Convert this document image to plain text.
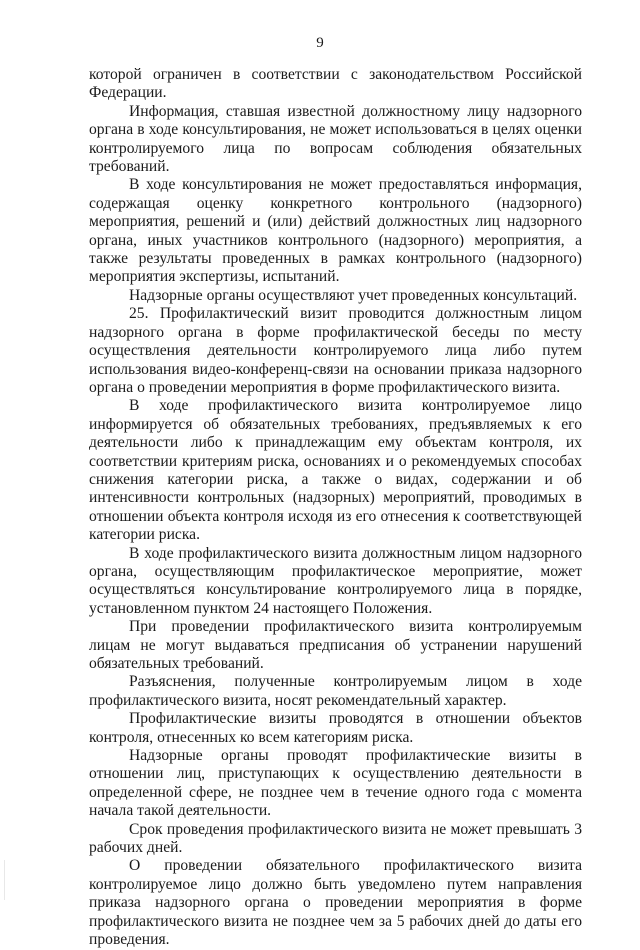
9

которой ограничен в соответствии с законодательством Российской Федерации.

Информация, ставшая известной должностному лицу надзорного органа в ходе консультирования, не может использоваться в целях оценки контролируемого лица по вопросам соблюдения обязательных требований.

В ходе консультирования не может предоставляться информация, содержащая оценку конкретного контрольного (надзорного) мероприятия, решений и (или) действий должностных лиц надзорного органа, иных участников контрольного (надзорного) мероприятия, а также результаты проведенных в рамках контрольного (надзорного) мероприятия экспертизы, испытаний.

Надзорные органы осуществляют учет проведенных консультаций.

25. Профилактический визит проводится должностным лицом надзорного органа в форме профилактической беседы по месту осуществления деятельности контролируемого лица либо путем использования видео-конференц-связи на основании приказа надзорного органа о проведении мероприятия в форме профилактического визита.

В ходе профилактического визита контролируемое лицо информируется об обязательных требованиях, предъявляемых к его деятельности либо к принадлежащим ему объектам контроля, их соответствии критериям риска, основаниях и о рекомендуемых способах снижения категории риска, а также о видах, содержании и об интенсивности контрольных (надзорных) мероприятий, проводимых в отношении объекта контроля исходя из его отнесения к соответствующей категории риска.

В ходе профилактического визита должностным лицом надзорного органа, осуществляющим профилактическое мероприятие, может осуществляться консультирование контролируемого лица в порядке, установленном пунктом 24 настоящего Положения.

При проведении профилактического визита контролируемым лицам не могут выдаваться предписания об устранении нарушений обязательных требований.

Разъяснения, полученные контролируемым лицом в ходе профилактического визита, носят рекомендательный характер.

Профилактические визиты проводятся в отношении объектов контроля, отнесенных ко всем категориям риска.

Надзорные органы проводят профилактические визиты в отношении лиц, приступающих к осуществлению деятельности в определенной сфере, не позднее чем в течение одного года с момента начала такой деятельности.

Срок проведения профилактического визита не может превышать 3 рабочих дней.

О проведении обязательного профилактического визита контролируемое лицо должно быть уведомлено путем направления приказа надзорного органа о проведении мероприятия в форме профилактического визита не позднее чем за 5 рабочих дней до даты его проведения.
